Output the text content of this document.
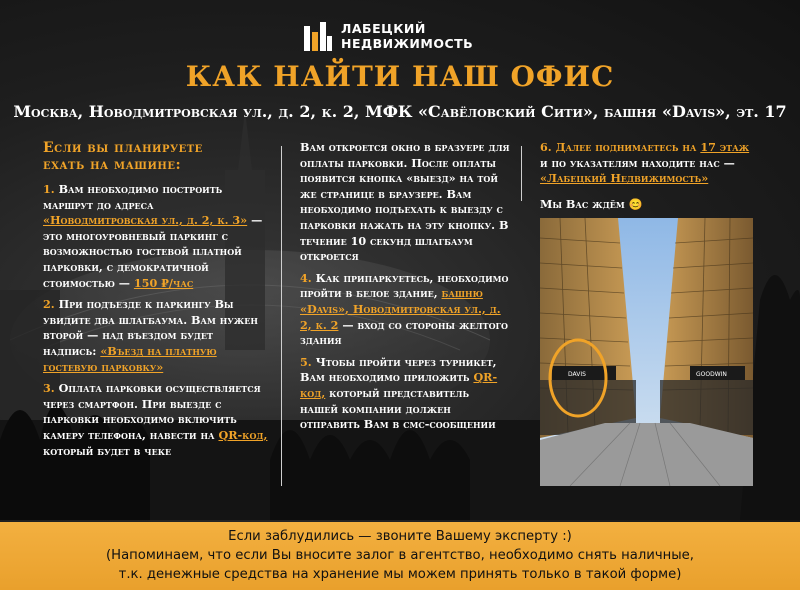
ЛАБЕЦКИЙ
НЕДВИЖИМОСТЬ
КАК НАЙТИ НАШ ОФИС
Москва, Новодмитровская ул., д. 2, к. 2, МФК «Савёловский Сити», башня «Davis», эт. 17

Если вы планируете
ехать на машине:

1. Вам необходимо построить маршрут до адреса «Новодмитровская ул., д. 2, к. 3» — это многоуровневый паркинг с возможностью гостевой платной парковки, с демократичной стоимостью — 150 ₽/час

2. При подъезде к паркингу Вы увидите два шлагбаума. Вам нужен второй — над въездом будет надпись: «Въезд на платную гостевую парковку»

3. Оплата парковки осуществляется через смартфон. При выезде с парковки необходимо включить камеру телефона, навести на QR-код, который будет в чеке

Вам откроется окно в бразуере для оплаты парковки. После оплаты появится кнопка «выезд» на той же странице в браузере. Вам необходимо подъехать к выезду с парковки нажать на эту кнопку. В течение 10 секунд шлагбаум откроется

4. Как припаркуетесь, необходимо пройти в белое здание, башню «Davis», Новодмитровская ул., д. 2, к. 2 — вход со стороны желтого здания

5. Чтобы пройти через турникет, Вам необходимо приложить QR-код, который представитель нашей компании должен отправить Вам в смс-сообщении

6. Далее поднимаетесь на 17 этаж и по указателям находите нас — «Лабецкий Недвижимость»

Мы Вас ждём 😊

DAVIS	GOODWIN
Если заблудились — звоните Вашему эксперту :)
(Напоминаем, что если Вы вносите залог в агентство, необходимо снять наличные,
т.к. денежные средства на хранение мы можем принять только в такой форме)
